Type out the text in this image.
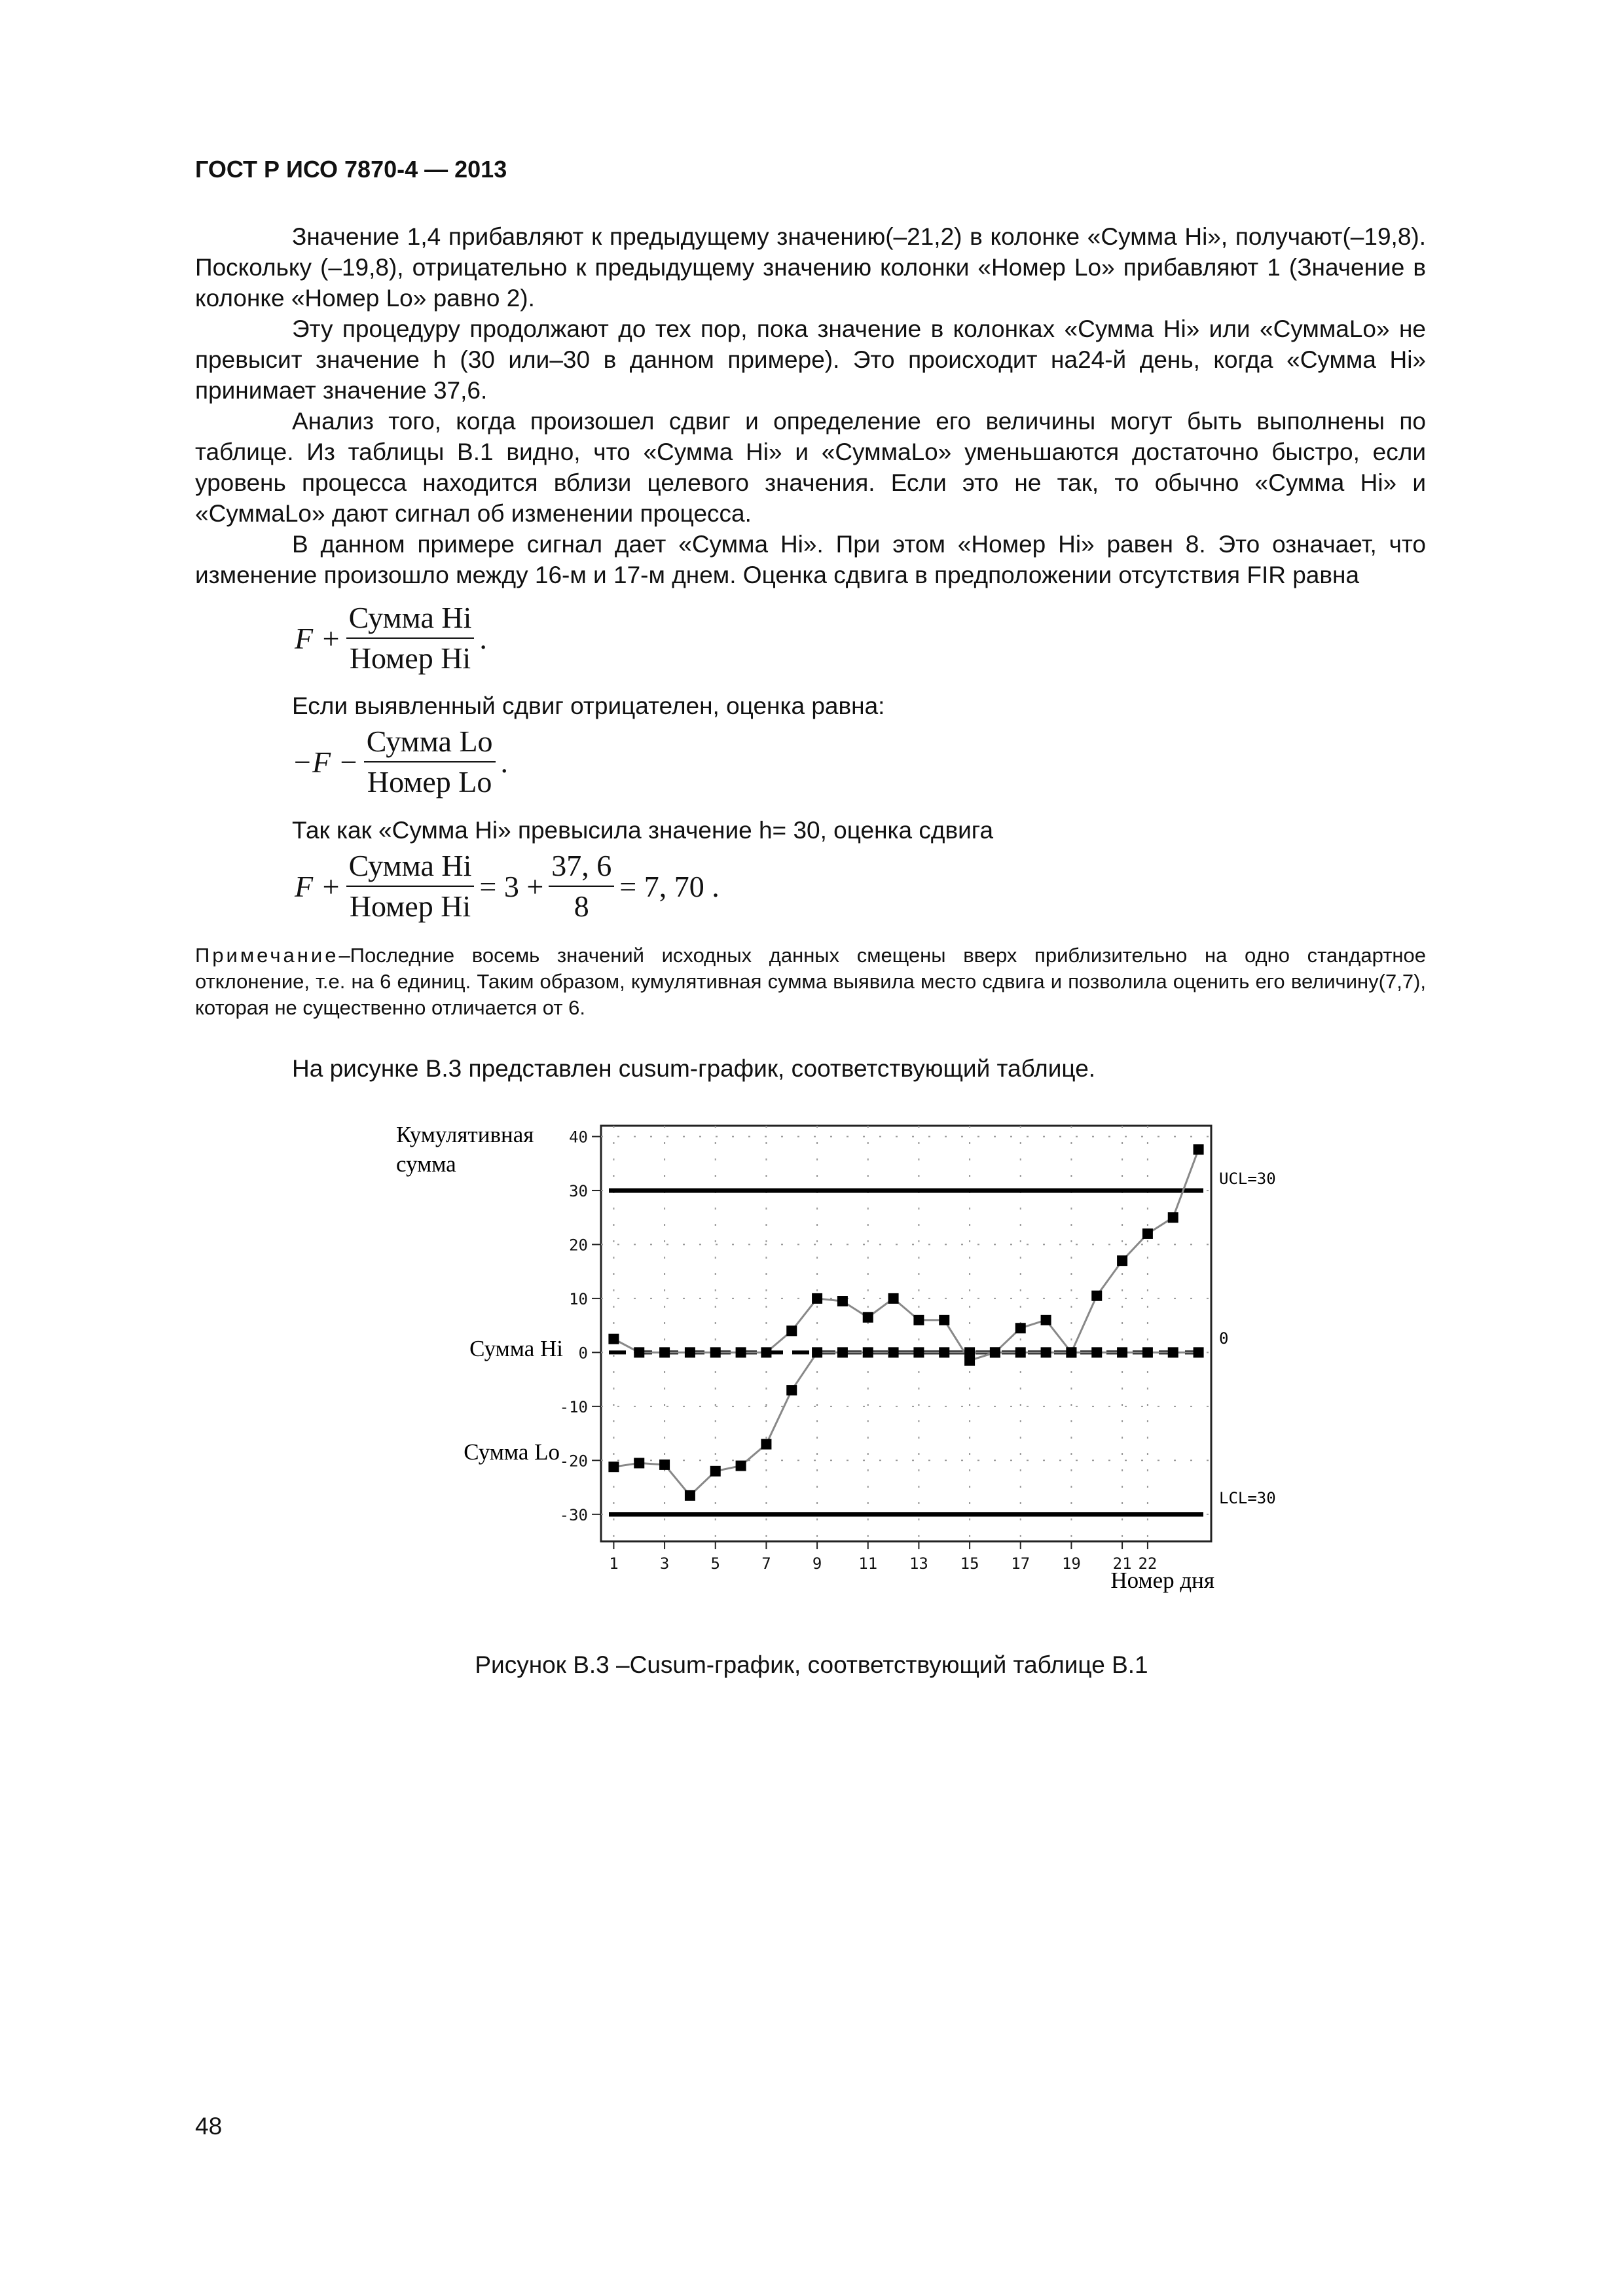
ГОСТ Р ИСО 7870-4 — 2013

Значение 1,4 прибавляют к предыдущему значению(–21,2) в колонке «Сумма Hi», получают(–19,8). Поскольку (–19,8), отрицательно к предыдущему значению колонки «Номер Lo» прибавляют 1 (Значение в колонке «Номер Lo» равно 2).

Эту процедуру продолжают до тех пор, пока значение в колонках «Сумма Hi» или «СуммаLo» не превысит значение h (30 или–30 в данном примере). Это происходит на24-й день, когда «Сумма Hi» принимает значение 37,6.

Анализ того, когда произошел сдвиг и определение его величины могут быть выполнены по таблице. Из таблицы В.1 видно, что «Сумма Hi» и «СуммаLo» уменьшаются достаточно быстро, если уровень процесса находится вблизи целевого значения. Если это не так, то обычно «Сумма Hi» и «СуммаLo» дают сигнал об изменении процесса.

В данном примере сигнал дает «Сумма Hi». При этом «Номер Hi» равен 8. Это означает, что изменение произошло между 16-м и 17-м днем. Оценка сдвига в предположении отсутствия FIR равна

$F + \frac{\text{Сумма Hi}}{\text{Номер Hi}}$ .
Если выявленный сдвиг отрицателен, оценка равна:
$-F - \frac{\text{Сумма Lo}}{\text{Номер Lo}}$ .
Так как «Сумма Hi» превысила значение h= 30, оценка сдвига
$F + \frac{\text{Сумма Hi}}{\text{Номер Hi}} = 3 + \frac{37, 6}{8} = 7$, 70 .
Примечание–Последние восемь значений исходных данных смещены вверх приблизительно на одно стандартное отклонение, т.е. на 6 единиц. Таким образом, кумулятивная сумма выявила место сдвига и позволила оценить его величину(7,7), которая не существенно отличается от 6.
На рисунке В.3 представлен cusum-график, соответствующий таблице.
40
30
20
10
0
-10
-20
-30
1	3	5	7	9 11 13 15 17 19 21 22
Кумулятивная
сумма
Номер дня
Сумма Hi
Сумма Lo
UCL=30
0
LCL=30
Рисунок В.3 –Cusum-график, соответствующий таблице В.1
48
